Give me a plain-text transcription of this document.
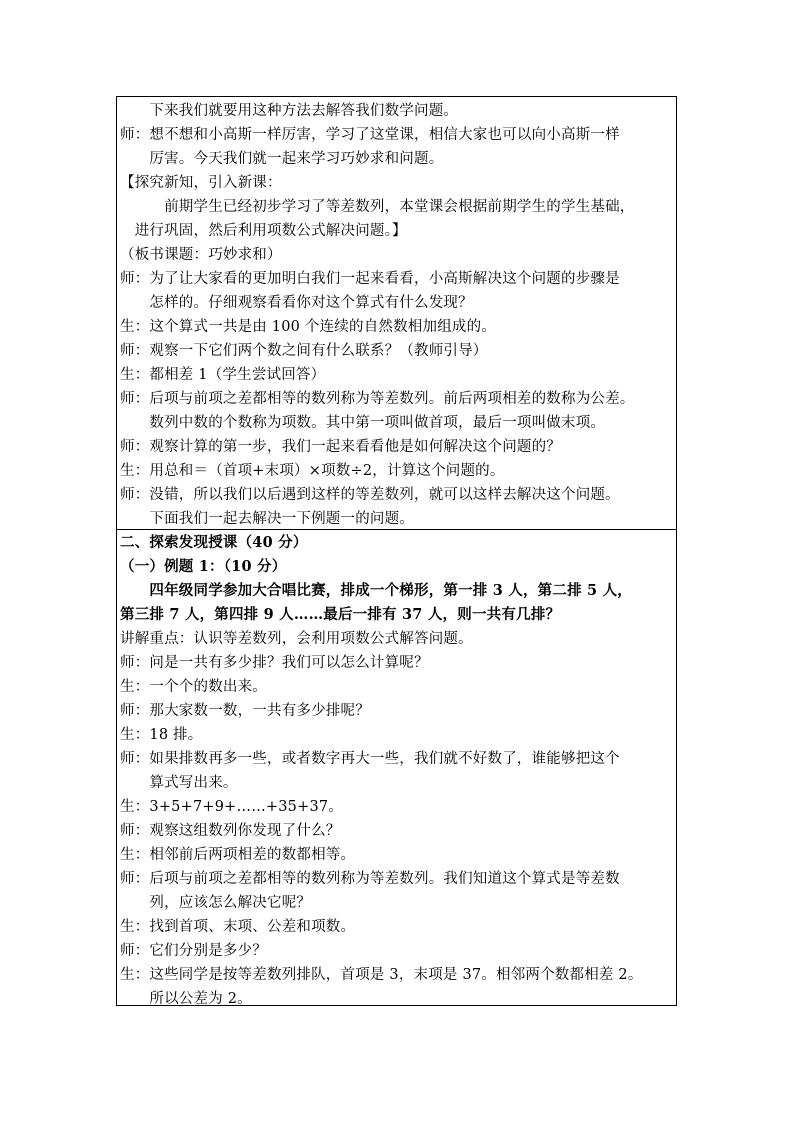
　　下来我们就要用这种方法去解答我们数学问题。
师：想不想和小高斯一样厉害，学习了这堂课，相信大家也可以向小高斯一样
　　厉害。今天我们就一起来学习巧妙求和问题。
【探究新知，引入新课：
　　　前期学生已经初步学习了等差数列，本堂课会根据前期学生的学生基础，
　进行巩固，然后利用项数公式解决问题。】
（板书课题：巧妙求和）
师：为了让大家看的更加明白我们一起来看看，小高斯解决这个问题的步骤是
　　怎样的。仔细观察看看你对这个算式有什么发现？
生：这个算式一共是由 100 个连续的自然数相加组成的。
师：观察一下它们两个数之间有什么联系？（教师引导）
生：都相差 1（学生尝试回答）
师：后项与前项之差都相等的数列称为等差数列。前后两项相差的数称为公差。
　　数列中数的个数称为项数。其中第一项叫做首项，最后一项叫做末项。
师：观察计算的第一步，我们一起来看看他是如何解决这个问题的？
生：用总和＝（首项+末项）×项数÷2，计算这个问题的。
师：没错，所以我们以后遇到这样的等差数列，就可以这样去解决这个问题。
　　下面我们一起去解决一下例题一的问题。
二、探索发现授课（40 分）
（一）例题 1：（10 分）
　　四年级同学参加大合唱比赛，排成一个梯形，第一排 3 人，第二排 5 人，
第三排 7 人，第四排 9 人……最后一排有 37 人，则一共有几排？
讲解重点：认识等差数列，会利用项数公式解答问题。
师：问是一共有多少排？我们可以怎么计算呢？
生：一个个的数出来。
师：那大家数一数，一共有多少排呢？
生：18 排。
师：如果排数再多一些，或者数字再大一些，我们就不好数了，谁能够把这个
　　算式写出来。
生：3+5+7+9+……+35+37。
师：观察这组数列你发现了什么？
生：相邻前后两项相差的数都相等。
师：后项与前项之差都相等的数列称为等差数列。我们知道这个算式是等差数
　　列，应该怎么解决它呢？
生：找到首项、末项、公差和项数。
师：它们分别是多少？
生：这些同学是按等差数列排队，首项是 3，末项是 37。相邻两个数都相差 2。
　　所以公差为 2。
